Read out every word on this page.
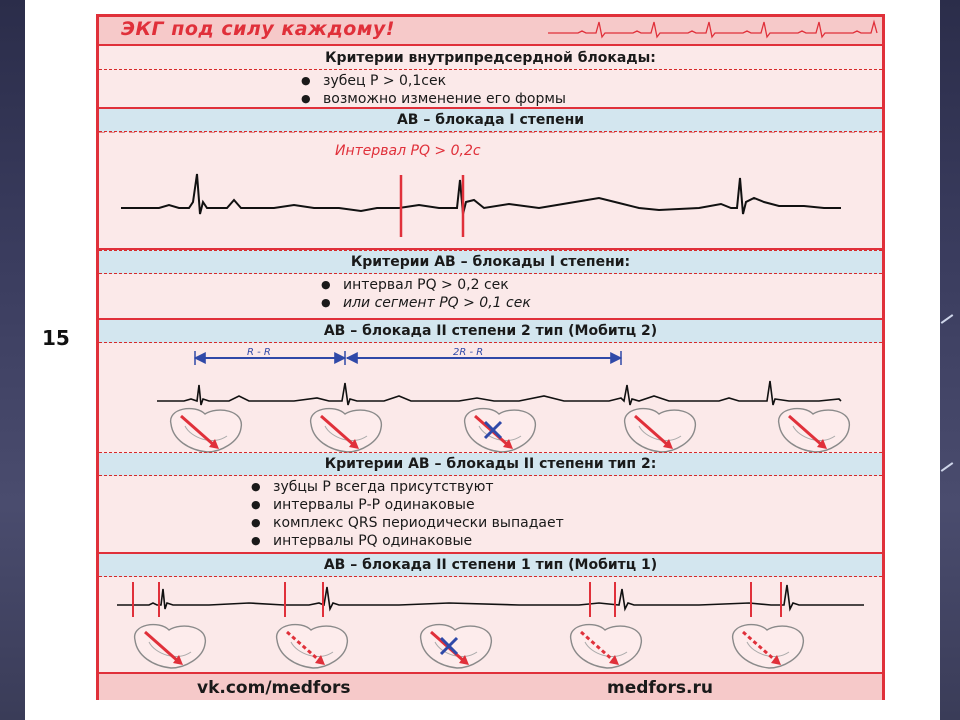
15
ЭКГ под силу каждому!
Критерии внутрипредсердной блокады:
● зубец Р > 0,1сек
● возможно изменение его формы
АВ – блокада I степени
Интервал PQ > 0,2c
Критерии АВ – блокады I степени:
● интервал PQ > 0,2 сек
● или сегмент PQ > 0,1 сек
АВ – блокада II степени 2 тип (Мобитц 2)
R - R	2R - R
Критерии АВ – блокады II степени тип 2:
● зубцы Р всегда присутствуют
● интервалы Р-Р одинаковые
● комплекс QRS периодически выпадает
● интервалы PQ одинаковые
АВ – блокада II степени 1 тип (Мобитц 1)
vk.com/medfors	medfors.ru
